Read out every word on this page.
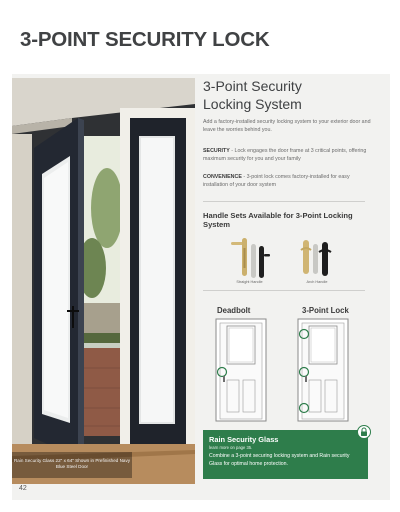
3-POINT SECURITY LOCK
Rain Security Glass 22" x 64" Shown in Prefinished Navy Blue Steel Door
42
3-Point Security
Locking System
Add a factory-installed security locking system to your exterior door and leave the worries behind you.
SECURITY - Lock engages the door frame at 3 critical points, offering maximum security for you and your family
CONVENIENCE - 3-point lock comes factory-installed for easy installation of your door system
Handle Sets Available for 3-Point Locking System
Straight Handle	Arch Handle
Deadbolt	3-Point Lock
Rain Security Glass
learn more on page 35.
Combine a 3-point securing locking system and Rain security Glass for optimal home protection.
